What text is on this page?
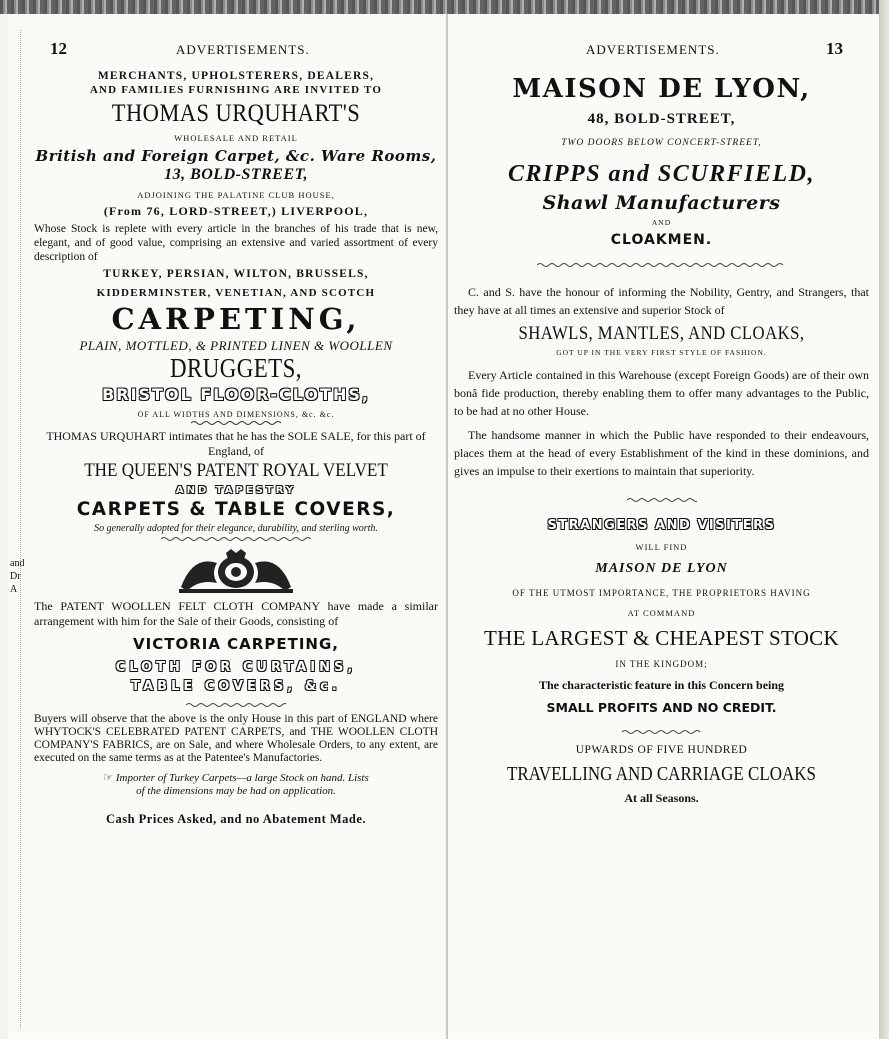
12	ADVERTISEMENTS.

MERCHANTS, UPHOLSTERERS, DEALERS,

AND FAMILIES FURNISHING ARE INVITED TO

THOMAS URQUHART'S

WHOLESALE AND RETAIL

British and Foreign Carpet, &c. Ware Rooms,

13, BOLD-STREET,

ADJOINING THE PALATINE CLUB HOUSE,

(From 76, LORD-STREET,) LIVERPOOL,

Whose Stock is replete with every article in the branches of his trade that is new, elegant, and of good value, comprising an extensive and varied assortment of every description of

TURKEY, PERSIAN, WILTON, BRUSSELS,

KIDDERMINSTER, VENETIAN, AND SCOTCH

CARPETING,

PLAIN, MOTTLED, & PRINTED LINEN & WOOLLEN

DRUGGETS,

BRISTOL FLOOR-CLOTHS,

OF ALL WIDTHS AND DIMENSIONS, &c. &c.

THOMAS URQUHART intimates that he has the SOLE SALE, for this part of England, of

THE QUEEN'S PATENT ROYAL VELVET

AND TAPESTRY

CARPETS & TABLE COVERS,

So generally adopted for their elegance, durability, and sterling worth.

The PATENT WOOLLEN FELT CLOTH COMPANY have made a similar arrangement with him for the Sale of their Goods, consisting of

VICTORIA CARPETING,

CLOTH FOR CURTAINS,

TABLE COVERS, &c.

Buyers will observe that the above is the only House in this part of ENGLAND where WHYTOCK'S CELEBRATED PATENT CARPETS, and THE WOOLLEN CLOTH COMPANY'S FABRICS, are on Sale, and where Wholesale Orders, to any extent, are executed on the same terms as at the Patentee's Manufactories.

☞ Importer of Turkey Carpets—a large Stock on hand. Lists

of the dimensions may be had on application.

Cash Prices Asked, and no Abatement Made.

and
Dr
A
ADVERTISEMENTS.	13

MAISON DE LYON,

48, BOLD-STREET,

TWO DOORS BELOW CONCERT-STREET,

CRIPPS and SCURFIELD,

Shawl Manufacturers

AND

CLOAKMEN.

C. and S. have the honour of informing the Nobility, Gentry, and Strangers, that they have at all times an extensive and superior Stock of

SHAWLS, MANTLES, AND CLOAKS,

GOT UP IN THE VERY FIRST STYLE OF FASHION.

Every Article contained in this Warehouse (except Foreign Goods) are of their own bonâ fide production, thereby enabling them to offer many advantages to the Public, to be had at no other House.

The handsome manner in which the Public have responded to their endeavours, places them at the head of every Establishment of the kind in these dominions, and gives an impulse to their exertions to maintain that superiority.

STRANGERS AND VISITERS

WILL FIND

MAISON DE LYON

OF THE UTMOST IMPORTANCE, THE PROPRIETORS HAVING

AT COMMAND

THE LARGEST & CHEAPEST STOCK

IN THE KINGDOM;

The characteristic feature in this Concern being

SMALL PROFITS AND NO CREDIT.

UPWARDS OF FIVE HUNDRED

TRAVELLING AND CARRIAGE CLOAKS

At all Seasons.
